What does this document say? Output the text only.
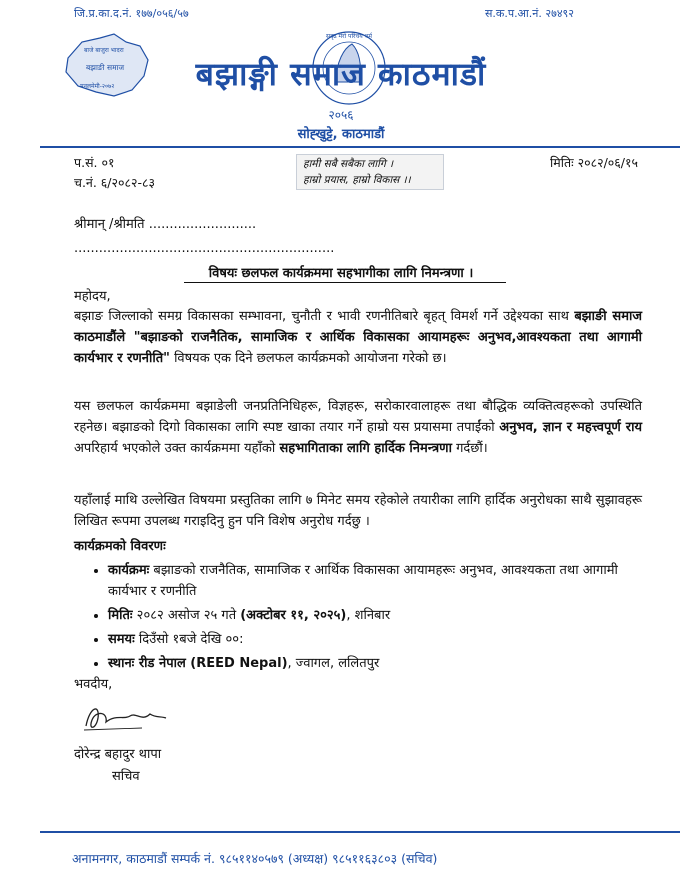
जि.प्र.का.द.नं. १७७/०५६/५७	स.क.प.आ.नं. २७४९२
बाजे बाजुरा भादरा
बझाङी समाज
मनलमेमी-२०७२
सदृढ मेरो परिचय धर्म
बझाङ्गी समाज काठमाडौं
२०५६
सोह्खुट्टे, काठमाडौं
प.सं. ०१
च.नं. ६/२०८२-८३
हामी सबै सबैका लागि ।
हाम्रो प्रयास, हाम्रो विकास ।।
मितिः २०८२/०६/१५
श्रीमान् /श्रीमति ..........................
...............................................................
विषयः छलफल कार्यक्रममा सहभागीका लागि निमन्त्रणा ।
महोदय,
बझाङ जिल्लाको समग्र विकासका सम्भावना, चुनौती र भावी रणनीतिबारे बृहत् विमर्श गर्ने उद्देश्यका साथ बझाङी समाज काठमाडौंले "बझाङको राजनैतिक, सामाजिक र आर्थिक विकासका आयामहरूः अनुभव,आवश्यकता तथा आगामी कार्यभार र रणनीति" विषयक एक दिने छलफल कार्यक्रमको आयोजना गरेको छ।
यस छलफल कार्यक्रममा बझाङेली जनप्रतिनिधिहरू, विज्ञहरू, सरोकारवालाहरू तथा बौद्धिक व्यक्तित्वहरूको उपस्थिति रहनेछ। बझाङको दिगो विकासका लागि स्पष्ट खाका तयार गर्ने हाम्रो यस प्रयासमा तपाईंको अनुभव, ज्ञान र महत्त्वपूर्ण राय अपरिहार्य भएकोले उक्त कार्यक्रममा यहाँको सहभागिताका लागि हार्दिक निमन्त्रणा गर्दछौं।
यहाँलाई माथि उल्लेखित विषयमा प्रस्तुतिका लागि ७ मिनेट समय रहेकोले तयारीका लागि हार्दिक अनुरोधका साथै सुझावहरू लिखित रूपमा उपलब्ध गराइदिनु हुन पनि विशेष अनुरोध गर्दछु ।
कार्यक्रमको विवरणः
• कार्यक्रमः बझाङको राजनैतिक, सामाजिक र आर्थिक विकासका आयामहरूः अनुभव, आवश्यकता तथा आगामी कार्यभार र रणनीति
• मितिः २०८२ असोज २५ गते (अक्टोबर ११, २०२५), शनिबार
• समयः दिउँसो १बजे देखि ००:
• स्थानः रीड नेपाल (REED Nepal), ज्वागल, ललितपुर
भवदीय,
दोरेन्द्र बहादुर थापा
सचिव
अनामनगर, काठमाडौं सम्पर्क नं. ९८५११४०५७९ (अध्यक्ष) ९८५११६३८०३ (सचिव)
